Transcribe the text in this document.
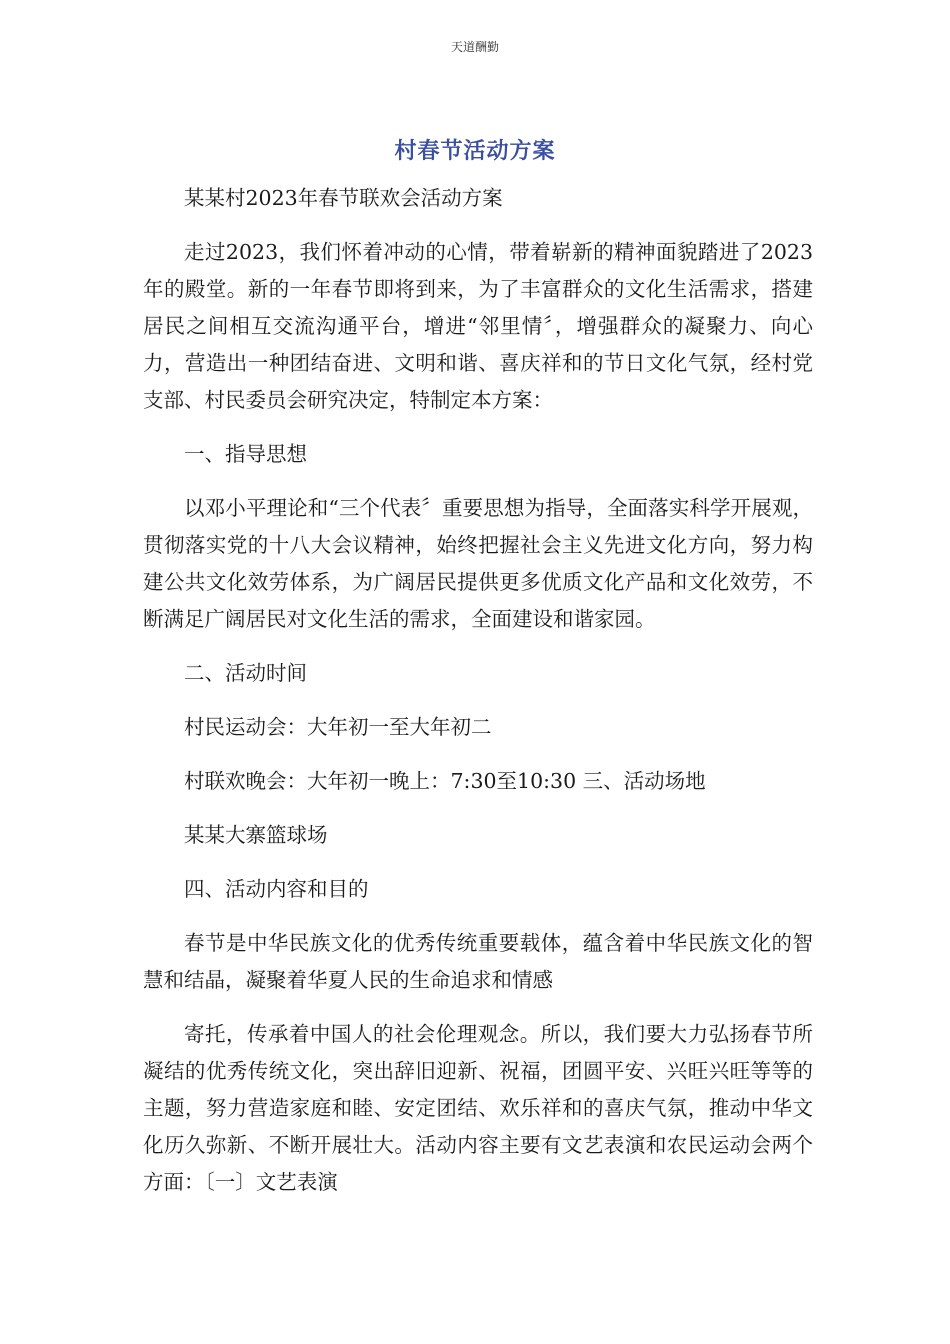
天道酬勤
村春节活动方案

某某村2023年春节联欢会活动方案

走过2023，我们怀着冲动的心情，带着崭新的精神面貌踏进了2023年的殿堂。新的一年春节即将到来，为了丰富群众的文化生活需求，搭建居民之间相互交流沟通平台，增进“邻里情〞，增强群众的凝聚力、向心力，营造出一种团结奋进、文明和谐、喜庆祥和的节日文化气氛，经村党支部、村民委员会研究决定，特制定本方案：

一、指导思想

以邓小平理论和“三个代表〞重要思想为指导，全面落实科学开展观，贯彻落实党的十八大会议精神，始终把握社会主义先进文化方向，努力构建公共文化效劳体系，为广阔居民提供更多优质文化产品和文化效劳，不断满足广阔居民对文化生活的需求，全面建设和谐家园。

二、活动时间

村民运动会：大年初一至大年初二

村联欢晚会：大年初一晚上：7:30至10:30 三、活动场地

某某大寨篮球场

四、活动内容和目的

春节是中华民族文化的优秀传统重要载体，蕴含着中华民族文化的智慧和结晶，凝聚着华夏人民的生命追求和情感

寄托，传承着中国人的社会伦理观念。所以，我们要大力弘扬春节所凝结的优秀传统文化，突出辞旧迎新、祝福，团圆平安、兴旺兴旺等等的主题，努力营造家庭和睦、安定团结、欢乐祥和的喜庆气氛，推动中华文化历久弥新、不断开展壮大。活动内容主要有文艺表演和农民运动会两个方面：〔一〕文艺表演
